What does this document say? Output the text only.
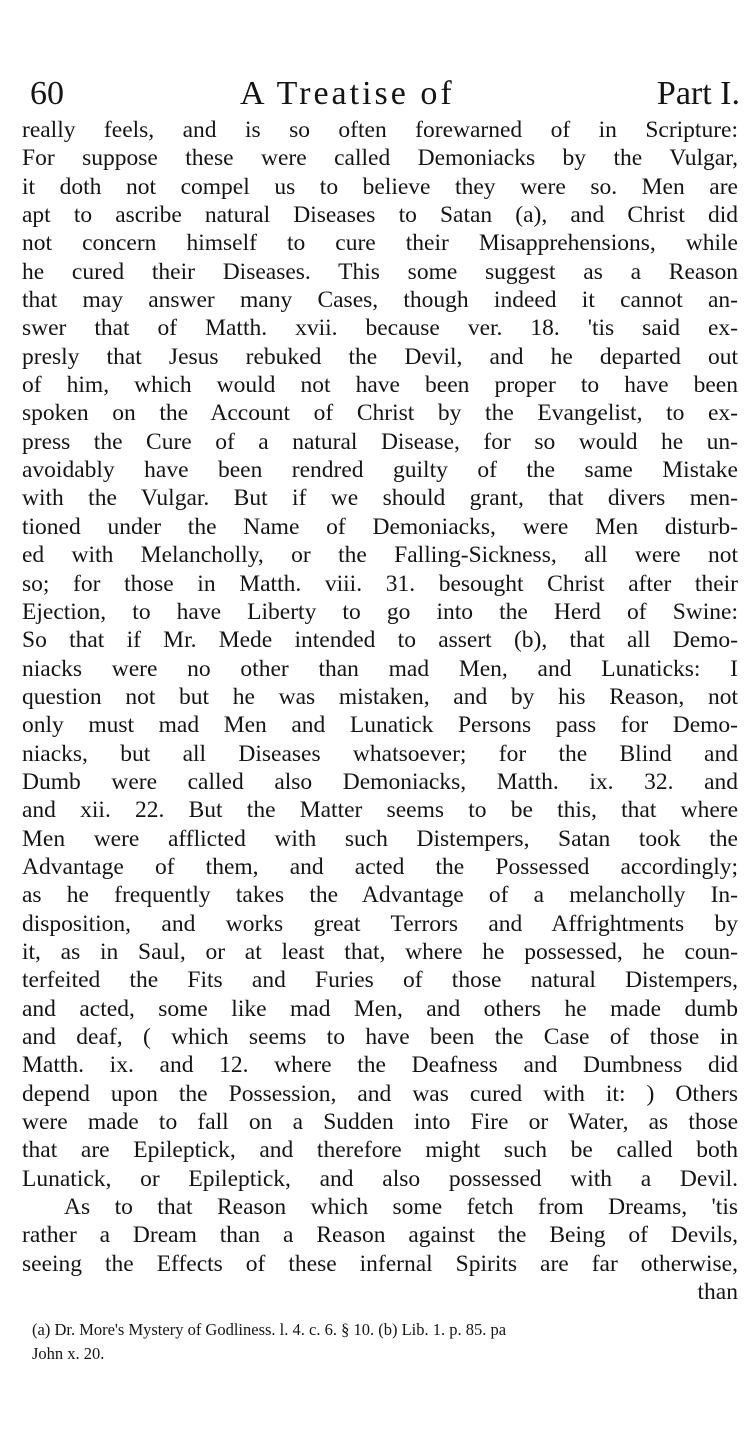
60	A Treatise of	Part I.
really feels, and is so often forewarned of in Scripture:
For suppose these were called Demoniacks by the Vulgar,
it doth not compel us to believe they were so. Men are
apt to ascribe natural Diseases to Satan (a), and Christ did
not concern himself to cure their Misapprehensions, while
he cured their Diseases. This some suggest as a Reason
that may answer many Cases, though indeed it cannot an-
swer that of Matth. xvii. because ver. 18. 'tis said ex-
presly that Jesus rebuked the Devil, and he departed out
of him, which would not have been proper to have been
spoken on the Account of Christ by the Evangelist, to ex-
press the Cure of a natural Disease, for so would he un-
avoidably have been rendred guilty of the same Mistake
with the Vulgar. But if we should grant, that divers men-
tioned under the Name of Demoniacks, were Men disturb-
ed with Melancholly, or the Falling-Sickness, all were not
so; for those in Matth. viii. 31. besought Christ after their
Ejection, to have Liberty to go into the Herd of Swine:
So that if Mr. Mede intended to assert (b), that all Demo-
niacks were no other than mad Men, and Lunaticks: I
question not but he was mistaken, and by his Reason, not
only must mad Men and Lunatick Persons pass for Demo-
niacks, but all Diseases whatsoever; for the Blind and
Dumb were called also Demoniacks, Matth. ix. 32. and
and xii. 22. But the Matter seems to be this, that where
Men were afflicted with such Distempers, Satan took the
Advantage of them, and acted the Possessed accordingly;
as he frequently takes the Advantage of a melancholly In-
disposition, and works great Terrors and Affrightments by
it, as in Saul, or at least that, where he possessed, he coun-
terfeited the Fits and Furies of those natural Distempers,
and acted, some like mad Men, and others he made dumb
and deaf, ( which seems to have been the Case of those in
Matth. ix. and 12. where the Deafness and Dumbness did
depend upon the Possession, and was cured with it: ) Others
were made to fall on a Sudden into Fire or Water, as those
that are Epileptick, and therefore might such be called both
Lunatick, or Epileptick, and also possessed with a Devil.
As to that Reason which some fetch from Dreams, 'tis
rather a Dream than a Reason against the Being of Devils,
seeing the Effects of these infernal Spirits are far otherwise,
than
(a) Dr. More's Mystery of Godliness. l. 4. c. 6. § 10. (b) Lib. 1. p. 85. pa
John x. 20.
